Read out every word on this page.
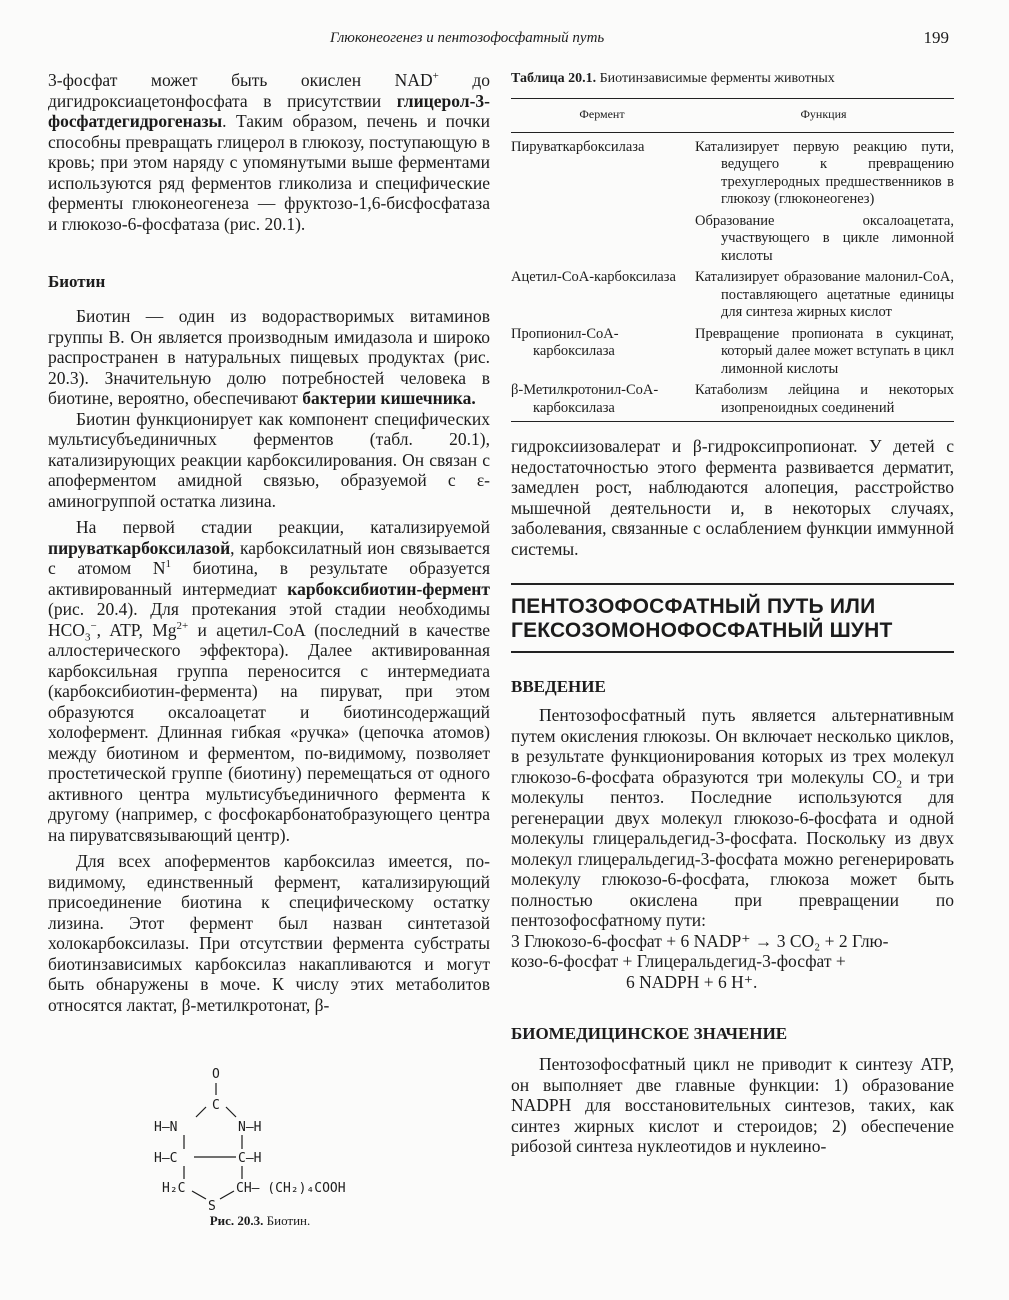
Глюконеогенез и пентозофосфатный путь	199

3-фосфат может быть окислен NAD+ до дигидроксиацетонфосфата в присутствии глицерол-3-фосфатдегидрогеназы. Таким образом, печень и почки способны превращать глицерол в глюкозу, поступающую в кровь; при этом наряду с упомянутыми выше ферментами используются ряд ферментов гликолиза и специфические ферменты глюконеогенеза — фруктозо-1,6-бисфосфатаза и глюкозо-6-фосфатаза (рис. 20.1).

Биотин

Биотин — один из водорастворимых витаминов группы В. Он является производным имидазола и широко распространен в натуральных пищевых продуктах (рис. 20.3). Значительную долю потребностей человека в биотине, вероятно, обеспечивают бактерии кишечника.

Биотин функционирует как компонент специфических мультисубъединичных ферментов (табл. 20.1), катализирующих реакции карбоксилирования. Он связан с апоферментом амидной связью, образуемой с ε-аминогруппой остатка лизина.

На первой стадии реакции, катализируемой пируваткарбоксилазой, карбоксилатный ион связывается с атомом $N^1$ биотина, в результате образуется активированный интермедиат карбоксибиотин-фермент (рис. 20.4). Для протекания этой стадии необходимы $HCO_3^-$, ATP, $Mg^{2+}$ и ацетил-CoA (последний в качестве аллостерического эффектора). Далее активированная карбоксильная группа переносится с интермедиата (карбоксибиотин-фермента) на пируват, при этом образуются оксалоацетат и биотинсодержащий холофермент. Длинная гибкая «ручка» (цепочка атомов) между биотином и ферментом, по-видимому, позволяет простетической группе (биотину) перемещаться от одного активного центра мультисубъединичного фермента к другому (например, с фосфокарбонатобразующего центра на пируватсвязывающий центр).

Для всех апоферментов карбоксилаз имеется, по-видимому, единственный фермент, катализирующий присоединение биотина к специфическому остатку лизина. Этот фермент был назван синтетазой холокарбоксилазы. При отсутствии фермента субстраты биотинзависимых карбоксилаз накапливаются и могут быть обнаружены в моче. К числу этих метаболитов относятся лактат, β-метилкротонат, β-

O
C
H–N	N–H
H–C	C–H
H₂C
S
CH– (CH₂)₄COOH
Рис. 20.3. Биотин.
Таблица 20.1. Биотинзависимые ферменты животных
Фермент	Функция

Пируваткарбоксилаза	Катализирует первую реакцию пути, ведущего к превращению трехуглеродных предшественников в глюкозу (глюконеогенез)

	Образование оксалоацетата, участвующего в цикле лимонной кислоты

Ацетил-CoA-карбоксилаза	Катализирует образование малонил-CoA, поставляющего ацетатные единицы для синтеза жирных кислот

Пропионил-CoA-карбоксилаза	Превращение пропионата в сукцинат, который далее может вступать в цикл лимонной кислоты

β-Метилкротонил-CoA-карбоксилаза	Катаболизм лейцина и некоторых изопреноидных соединений

гидроксиизовалерат и β-гидроксипропионат. У детей с недостаточностью этого фермента развивается дерматит, замедлен рост, наблюдаются алопеция, расстройство мышечной деятельности и, в некоторых случаях, заболевания, связанные с ослаблением функции иммунной системы.

ПЕНТОЗОФОСФАТНЫЙ ПУТЬ ИЛИ
ГЕКСОЗОМОНОФОСФАТНЫЙ ШУНТ
ВВЕДЕНИЕ

Пентозофосфатный путь является альтернативным путем окисления глюкозы. Он включает несколько циклов, в результате функционирования которых из трех молекул глюкозо-6-фосфата образуются три молекулы $CO_2$ и три молекулы пентоз. Последние используются для регенерации двух молекул глюкозо-6-фосфата и одной молекулы глицеральдегид-3-фосфата. Поскольку из двух молекул глицеральдегид-3-фосфата можно регенерировать молекулу глюкозо-6-фосфата, глюкоза может быть полностью окислена при превращении по пентозофосфатному пути:

3 Глюкозо-6-фосфат + 6 NADP⁺ → 3 CO₂ + 2 Глю-
козо-6-фосфат + Глицеральдегид-3-фосфат +
6 NADPH + 6 H⁺.
БИОМЕДИЦИНСКОЕ ЗНАЧЕНИЕ

Пентозофосфатный цикл не приводит к синтезу ATP, он выполняет две главные функции: 1) образование NADPH для восстановительных синтезов, таких, как синтез жирных кислот и стероидов; 2) обеспечение рибозой синтеза нуклеотидов и нуклеино-
